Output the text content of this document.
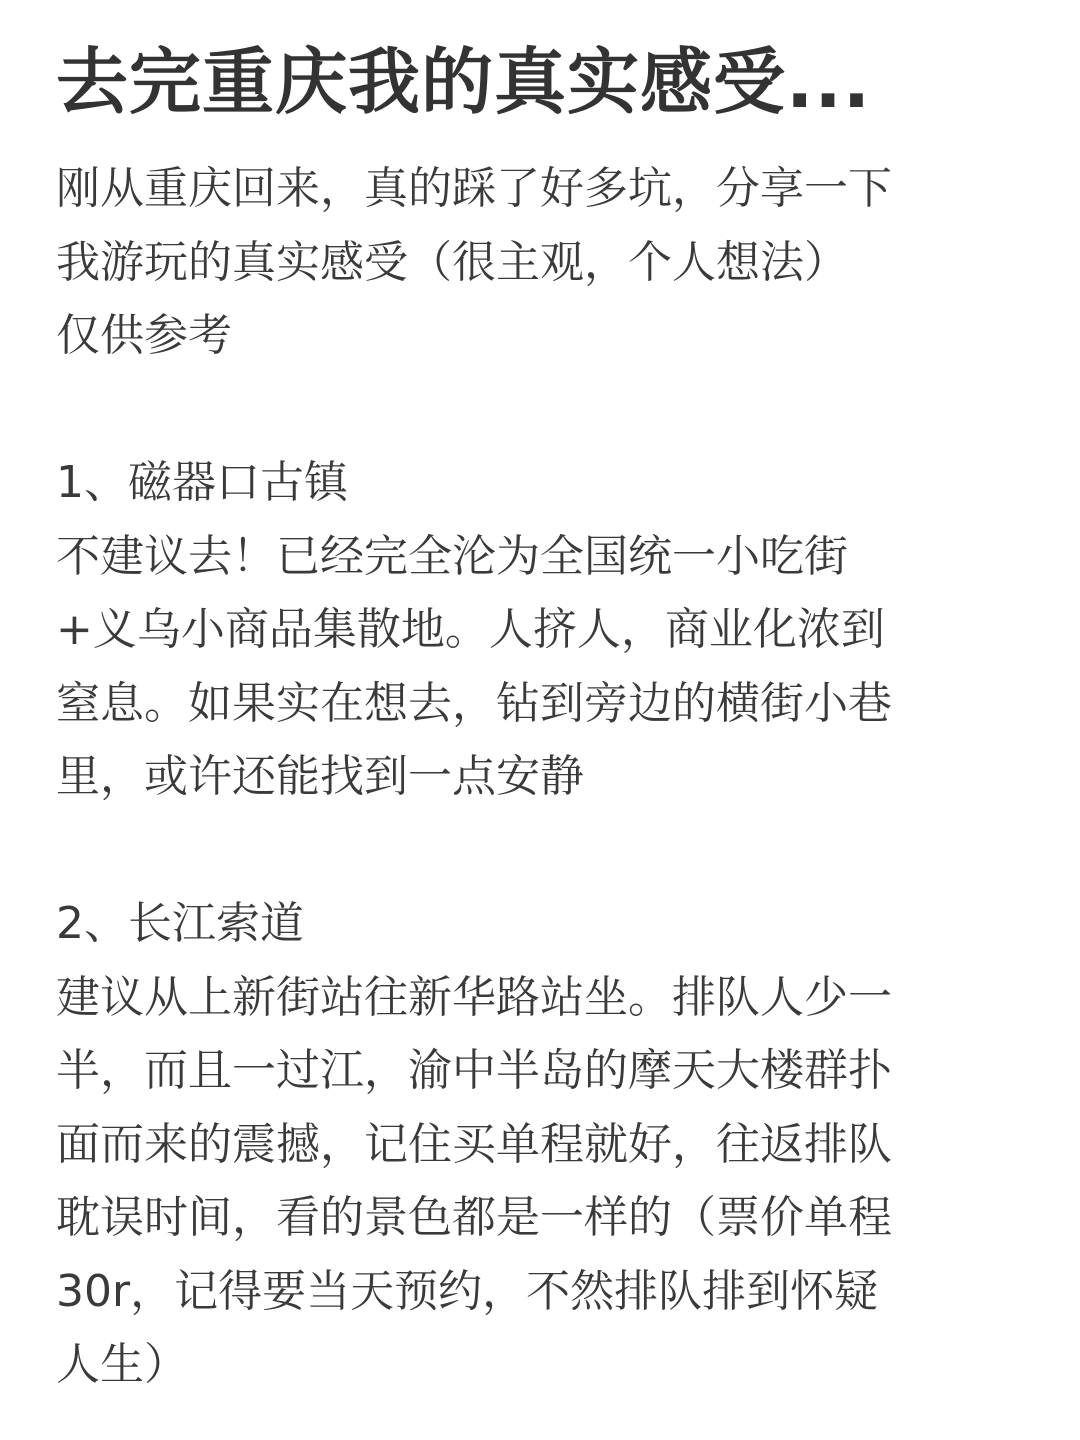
去完重庆我的真实感受...
刚从重庆回来，真的踩了好多坑，分享一下
我游玩的真实感受（很主观，个人想法）
仅供参考
1、磁器口古镇
不建议去！已经完全沦为全国统一小吃街
+义乌小商品集散地。人挤人，商业化浓到
窒息。如果实在想去，钻到旁边的横街小巷
里，或许还能找到一点安静
2、长江索道
建议从上新街站往新华路站坐。排队人少一
半，而且一过江，渝中半岛的摩天大楼群扑
面而来的震撼，记住买单程就好，往返排队
耽误时间，看的景色都是一样的（票价单程
30r，记得要当天预约，不然排队排到怀疑
人生）
